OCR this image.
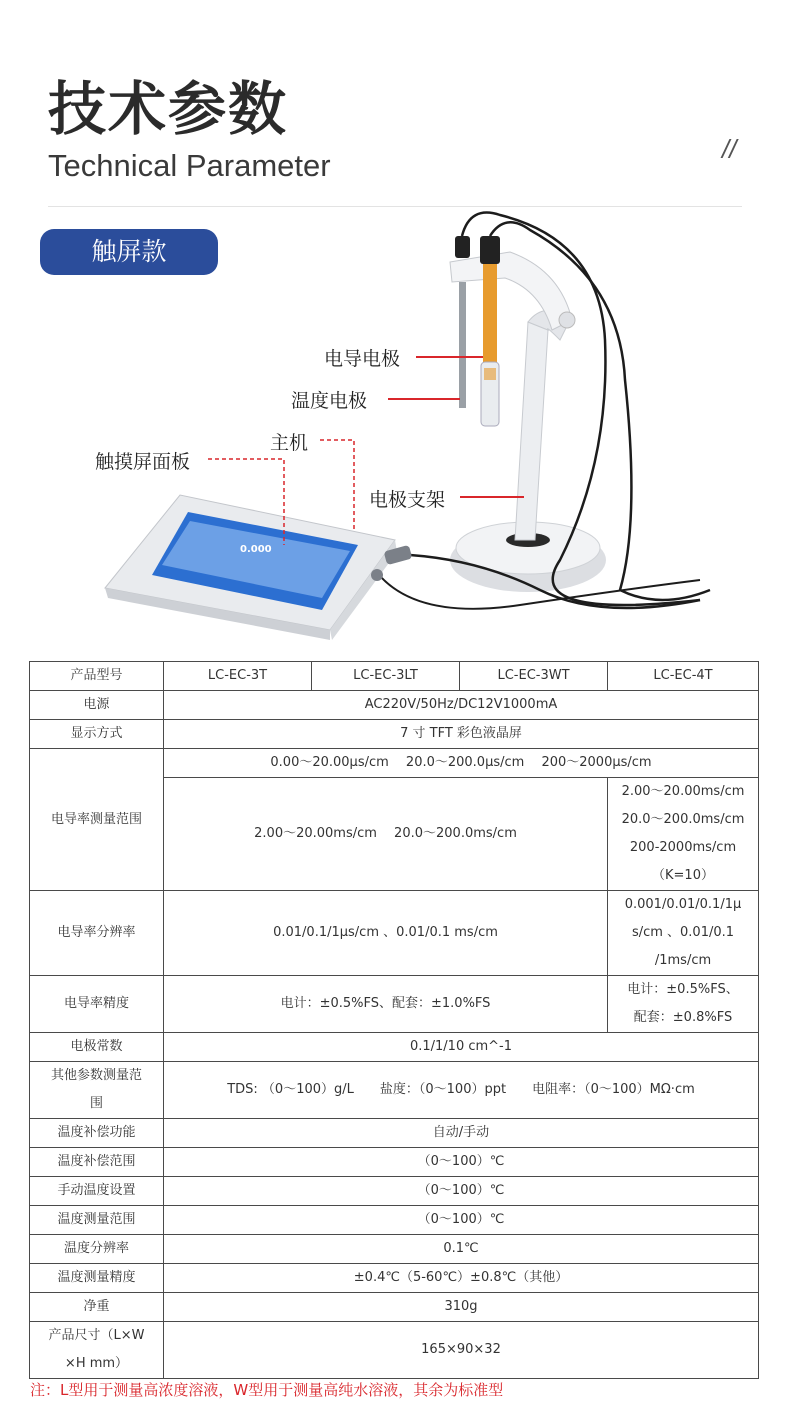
技术参数
Technical Parameter	//
触屏款
0.000
电导电极
温度电极
主机
触摸屏面板
电极支架
产品型号	LC-EC-3T	LC-EC-3LT	LC-EC-3WT	LC-EC-4T
电源	AC220V/50Hz/DC12V1000mA			
显示方式	7 寸 TFT 彩色液晶屏			
电导率测量范围	0.00～20.00μs/cm　 20.0～200.0μs/cm　 200～2000μs/cm			
	2.00～20.00ms/cm　 20.0～200.0ms/cm			2.00～20.00ms/cm
20.0～200.0ms/cm
200-2000ms/cm
（K=10）

电导率分辨率	0.01/0.1/1μs/cm 、0.01/0.1 ms/cm			0.001/0.01/0.1/1μ
s/cm 、0.01/0.1
/1ms/cm

电导率精度	电计：±0.5%FS、配套：±1.0%FS			电计：±0.5%FS、
配套：±0.8%FS

电极常数	0.1/1/10 cm^-1			

其他参数测量范
围	TDS: （0～100）g/L　　盐度：（0～100）ppt　　电阻率：（0～100）MΩ·cm			
温度补偿功能	自动/手动			
温度补偿范围	（0～100）℃			
手动温度设置	（0～100）℃			
温度测量范围	（0～100）℃			
温度分辨率	0.1℃			
温度测量精度	±0.4℃（5-60℃）±0.8℃（其他）			
净重	310g			

产品尺寸（L×W
×H mm）	165×90×32			
注：L型用于测量高浓度溶液，W型用于测量高纯水溶液，其余为标准型
